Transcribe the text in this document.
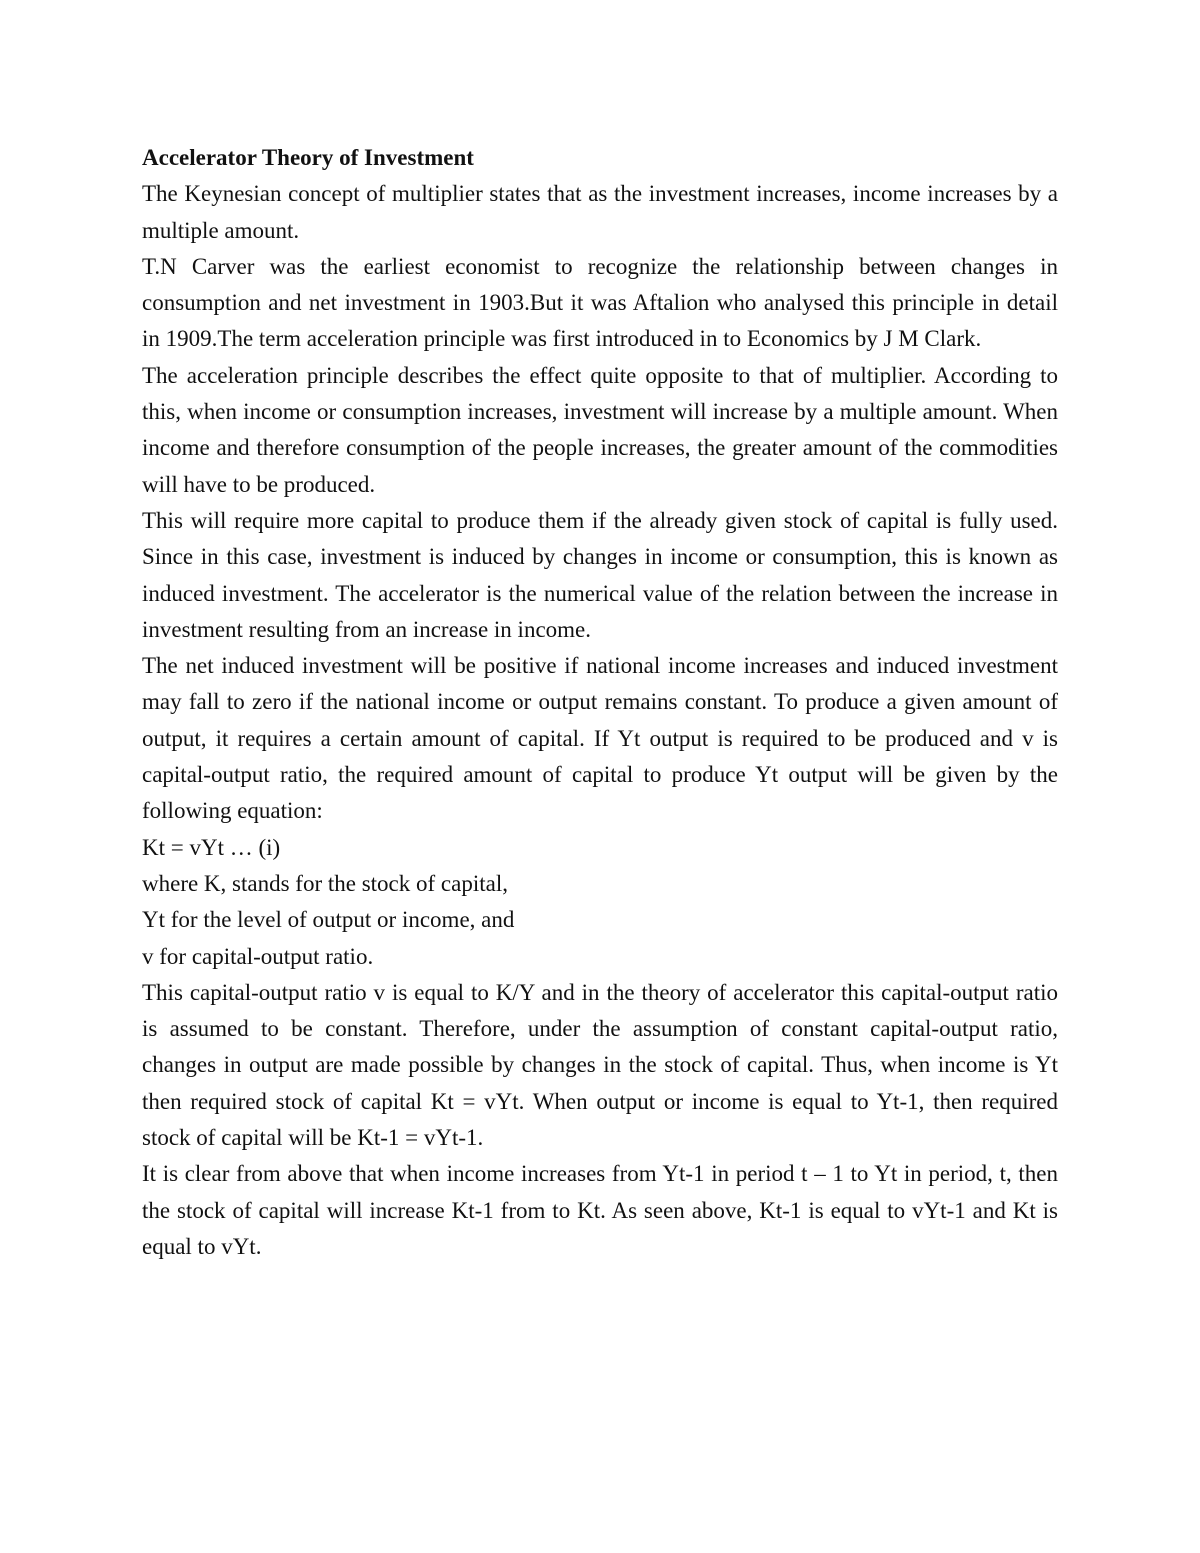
Accelerator Theory of Investment

The Keynesian concept of multiplier states that as the investment increases, income increases by a multiple amount.

T.N Carver was the earliest economist to recognize the relationship between changes in consumption and net investment in 1903.But it was Aftalion who analysed this principle in detail in 1909.The term acceleration principle was first introduced in to Economics by J M Clark.

The acceleration principle describes the effect quite opposite to that of multiplier. According to this, when income or consumption increases, investment will increase by a multiple amount. When income and therefore consumption of the people increases, the greater amount of the commodities will have to be produced.

This will require more capital to produce them if the already given stock of capital is fully used. Since in this case, investment is induced by changes in income or consumption, this is known as induced investment. The accelerator is the numerical value of the relation between the increase in investment resulting from an increase in income.

The net induced investment will be positive if national income increases and induced investment may fall to zero if the national income or output remains constant. To produce a given amount of output, it requires a certain amount of capital. If Yt output is required to be produced and v is capital-output ratio, the required amount of capital to produce Yt output will be given by the following equation:

Kt = vYt … (i)

where K, stands for the stock of capital,

Yt for the level of output or income, and

v for capital-output ratio.

This capital-output ratio v is equal to K/Y and in the theory of accelerator this capital-output ratio is assumed to be constant. Therefore, under the assumption of constant capital-output ratio, changes in output are made possible by changes in the stock of capital. Thus, when income is Yt then required stock of capital Kt = vYt. When output or income is equal to Yt-1, then required stock of capital will be Kt-1 = vYt-1.

It is clear from above that when income increases from Yt-1 in period t – 1 to Yt in period, t, then the stock of capital will increase Kt-1 from to Kt. As seen above, Kt-1 is equal to vYt-1 and Kt is equal to vYt.
